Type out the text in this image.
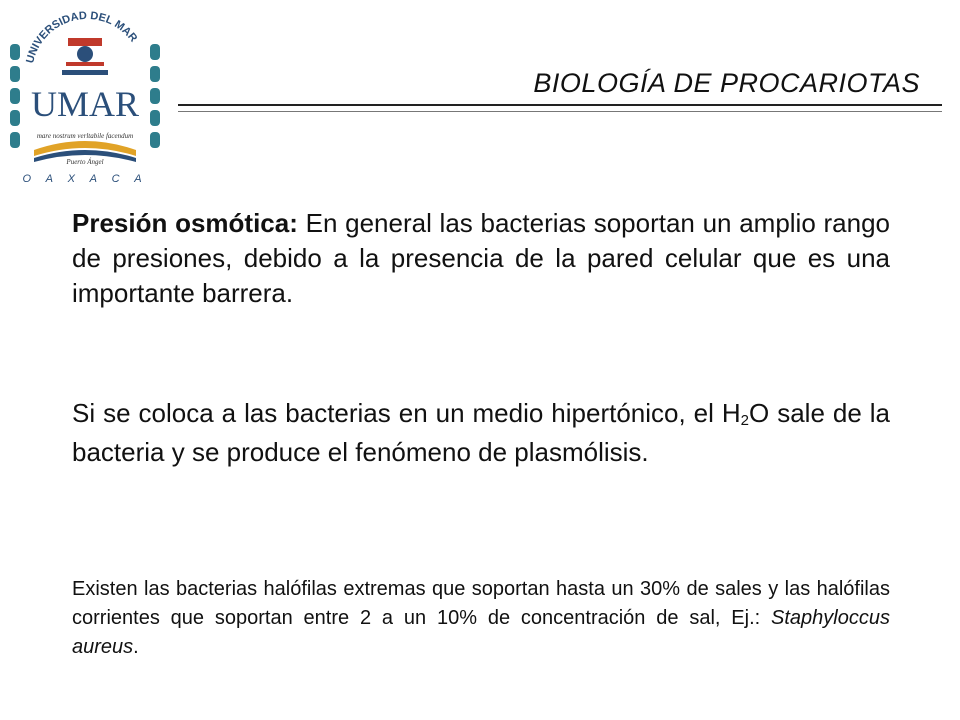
UNIVERSIDAD DEL MAR
UMAR
mare nostrum verltabile facendum
Puerto Ángel
O A X A C A
BIOLOGÍA DE PROCARIOTAS
Presión osmótica: En general las bacterias soportan un amplio rango de presiones, debido a la presencia de la pared celular que es una importante barrera.
Si se coloca a las bacterias en un medio hipertónico, el $H_2O$ sale de la bacteria y se produce el fenómeno de plasmólisis.
Existen las bacterias halófilas extremas que soportan hasta un 30% de sales y las halófilas corrientes que soportan entre 2 a un 10% de concentración de sal, Ej.: Staphyloccus aureus.
